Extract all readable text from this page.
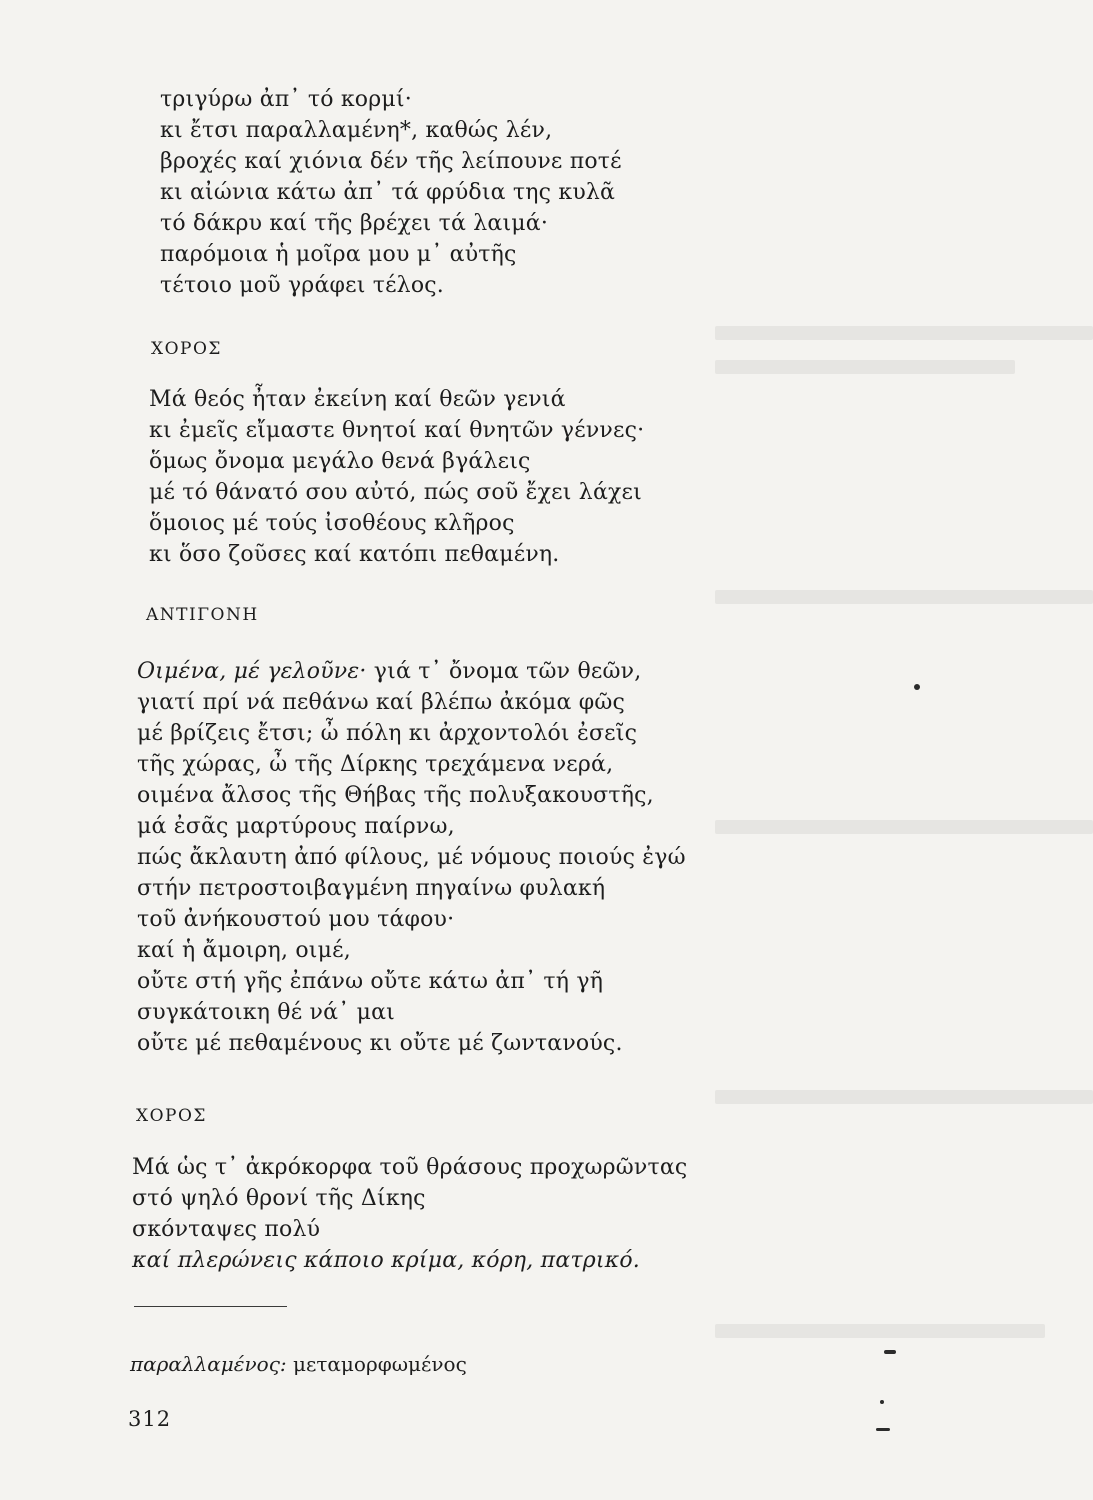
τριγύρω ἀπ᾿ τό κορμί·
κι ἔτσι παραλλαμένη*, καθώς λέν,
βροχές καί χιόνια δέν τῆς λείπουνε ποτέ
κι αἰώνια κάτω ἀπ᾿ τά φρύδια της κυλᾶ
τό δάκρυ καί τῆς βρέχει τά λαιμά·
παρόμοια ἡ μοῖρα μου μ᾿ αὐτῆς
τέτοιο μοῦ γράφει τέλος.
ΧΟΡΟΣ
Μά θεός ἦταν ἐκείνη καί θεῶν γενιά
κι ἐμεῖς εἴμαστε θνητοί καί θνητῶν γέννες·
ὅμως ὄνομα μεγάλο θενά βγάλεις
μέ τό θάνατό σου αὐτό, πώς σοῦ ἔχει λάχει
ὅμοιος μέ τούς ἰσοθέους κλῆρος
κι ὅσο ζοῦσες καί κατόπι πεθαμένη.
ΑΝΤΙΓΟΝΗ
Οιμένα, μέ γελοῦνε· γιά τ᾿ ὄνομα τῶν θεῶν,
γιατί πρί νά πεθάνω καί βλέπω ἀκόμα φῶς
μέ βρίζεις ἔτσι; ὦ πόλη κι ἀρχοντολόι ἐσεῖς
τῆς χώρας, ὦ τῆς Δίρκης τρεχάμενα νερά,
οιμένα ἄλσος τῆς Θήβας τῆς πολυξακουστῆς,
μά ἐσᾶς μαρτύρους παίρνω,
πώς ἄκλαυτη ἀπό φίλους, μέ νόμους ποιούς ἐγώ
στήν πετροστοιβαγμένη πηγαίνω φυλακή
τοῦ ἀνήκουστού μου τάφου·
καί ἡ ἄμοιρη, οιμέ,
οὔτε στή γῆς ἐπάνω οὔτε κάτω ἀπ᾿ τή γῆ
συγκάτοικη θέ νά᾿ μαι
οὔτε μέ πεθαμένους κι οὔτε μέ ζωντανούς.
ΧΟΡΟΣ
Μά ὡς τ᾿ ἀκρόκορφα τοῦ θράσους προχωρῶντας
στό ψηλό θρονί τῆς Δίκης
σκόνταψες πολύ
καί πλερώνεις κάποιο κρίμα, κόρη, πατρικό.
παραλλαμένος: μεταμορφωμένος
312
